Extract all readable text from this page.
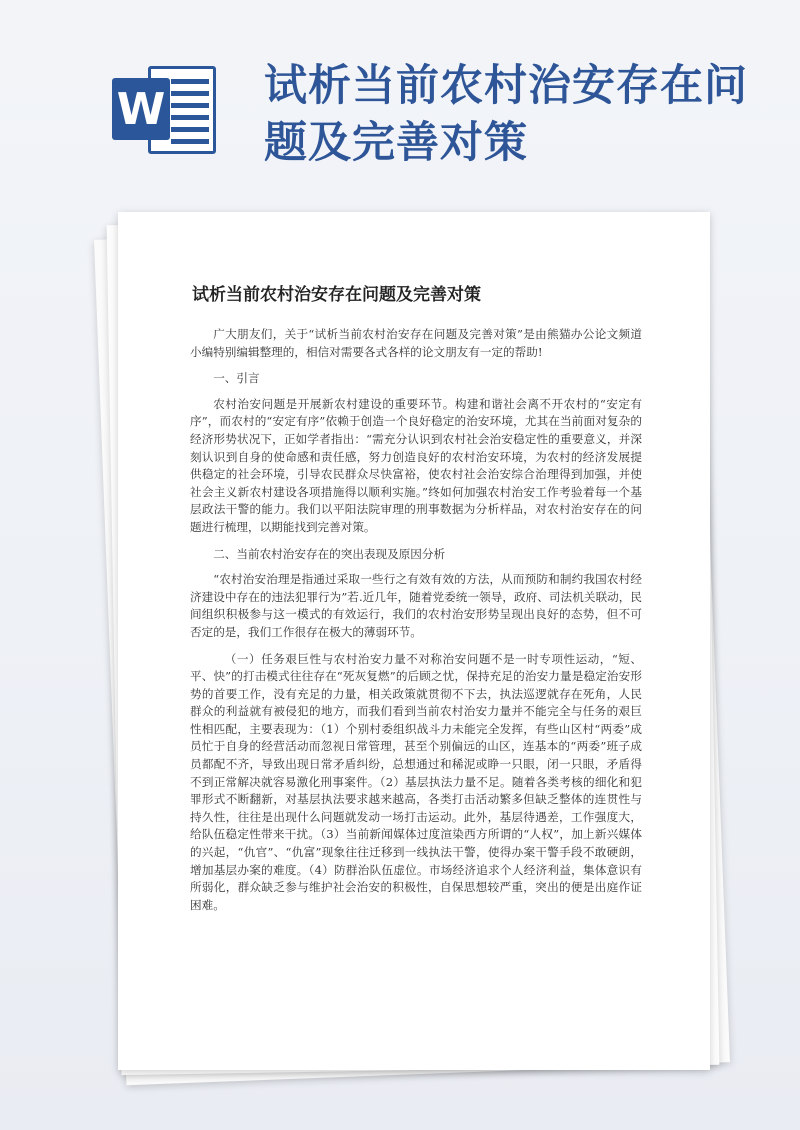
W 试析当前农村治安存在问题及完善对策
试析当前农村治安存在问题及完善对策

广大朋友们，关于“试析当前农村治安存在问题及完善对策”是由熊猫办公论文频道小编特别编辑整理的，相信对需要各式各样的论文朋友有一定的帮助!

一、引言

农村治安问题是开展新农村建设的重要环节。构建和谐社会离不开农村的“安定有序”，而农村的“安定有序”依赖于创造一个良好稳定的治安环境，尤其在当前面对复杂的经济形势状况下，正如学者指出：“需充分认识到农村社会治安稳定性的重要意义，并深刻认识到自身的使命感和责任感，努力创造良好的农村治安环境，为农村的经济发展提供稳定的社会环境，引导农民群众尽快富裕，使农村社会治安综合治理得到加强，并使社会主义新农村建设各项措施得以顺利实施。”终如何加强农村治安工作考验着每一个基层政法干警的能力。我们以平阳法院审理的刑事数据为分析样品，对农村治安存在的问题进行梳理，以期能找到完善对策。

二、当前农村治安存在的突出表现及原因分析

“农村治安治理是指通过采取一些行之有效有效的方法，从而预防和制约我国农村经济建设中存在的违法犯罪行为”若.近几年，随着党委统一领导，政府、司法机关联动，民间组织积极参与这一模式的有效运行，我们的农村治安形势呈现出良好的态势，但不可否定的是，我们工作很存在极大的薄弱环节。

（一）任务艰巨性与农村治安力量不对称治安问题不是一时专项性运动，“短、平、快”的打击模式往往存在“死灰复燃”的后顾之忧，保持充足的治安力量是稳定治安形势的首要工作，没有充足的力量，相关政策就贯彻不下去，执法巡逻就存在死角，人民群众的利益就有被侵犯的地方，而我们看到当前农村治安力量并不能完全与任务的艰巨性相匹配，主要表现为：（1）个别村委组织战斗力未能完全发挥，有些山区村“两委”成员忙于自身的经营活动而忽视日常管理，甚至个别偏远的山区，连基本的“两委”班子成员都配不齐，导致出现日常矛盾纠纷，总想通过和稀泥或睁一只眼，闭一只眼，矛盾得不到正常解决就容易激化刑事案件。（2）基层执法力量不足。随着各类考核的细化和犯罪形式不断翻新，对基层执法要求越来越高，各类打击活动繁多但缺乏整体的连贯性与持久性，往往是出现什么问题就发动一场打击运动。此外，基层待遇差，工作强度大，给队伍稳定性带来干扰。（3）当前新闻媒体过度渲染西方所谓的“人权”，加上新兴媒体的兴起，“仇官”、“仇富”现象往往迁移到一线执法干警，使得办案干警手段不敢硬朗，增加基层办案的难度。（4）防群治队伍虚位。市场经济追求个人经济利益，集体意识有所弱化，群众缺乏参与维护社会治安的积极性，自保思想较严重，突出的便是出庭作证困难。
